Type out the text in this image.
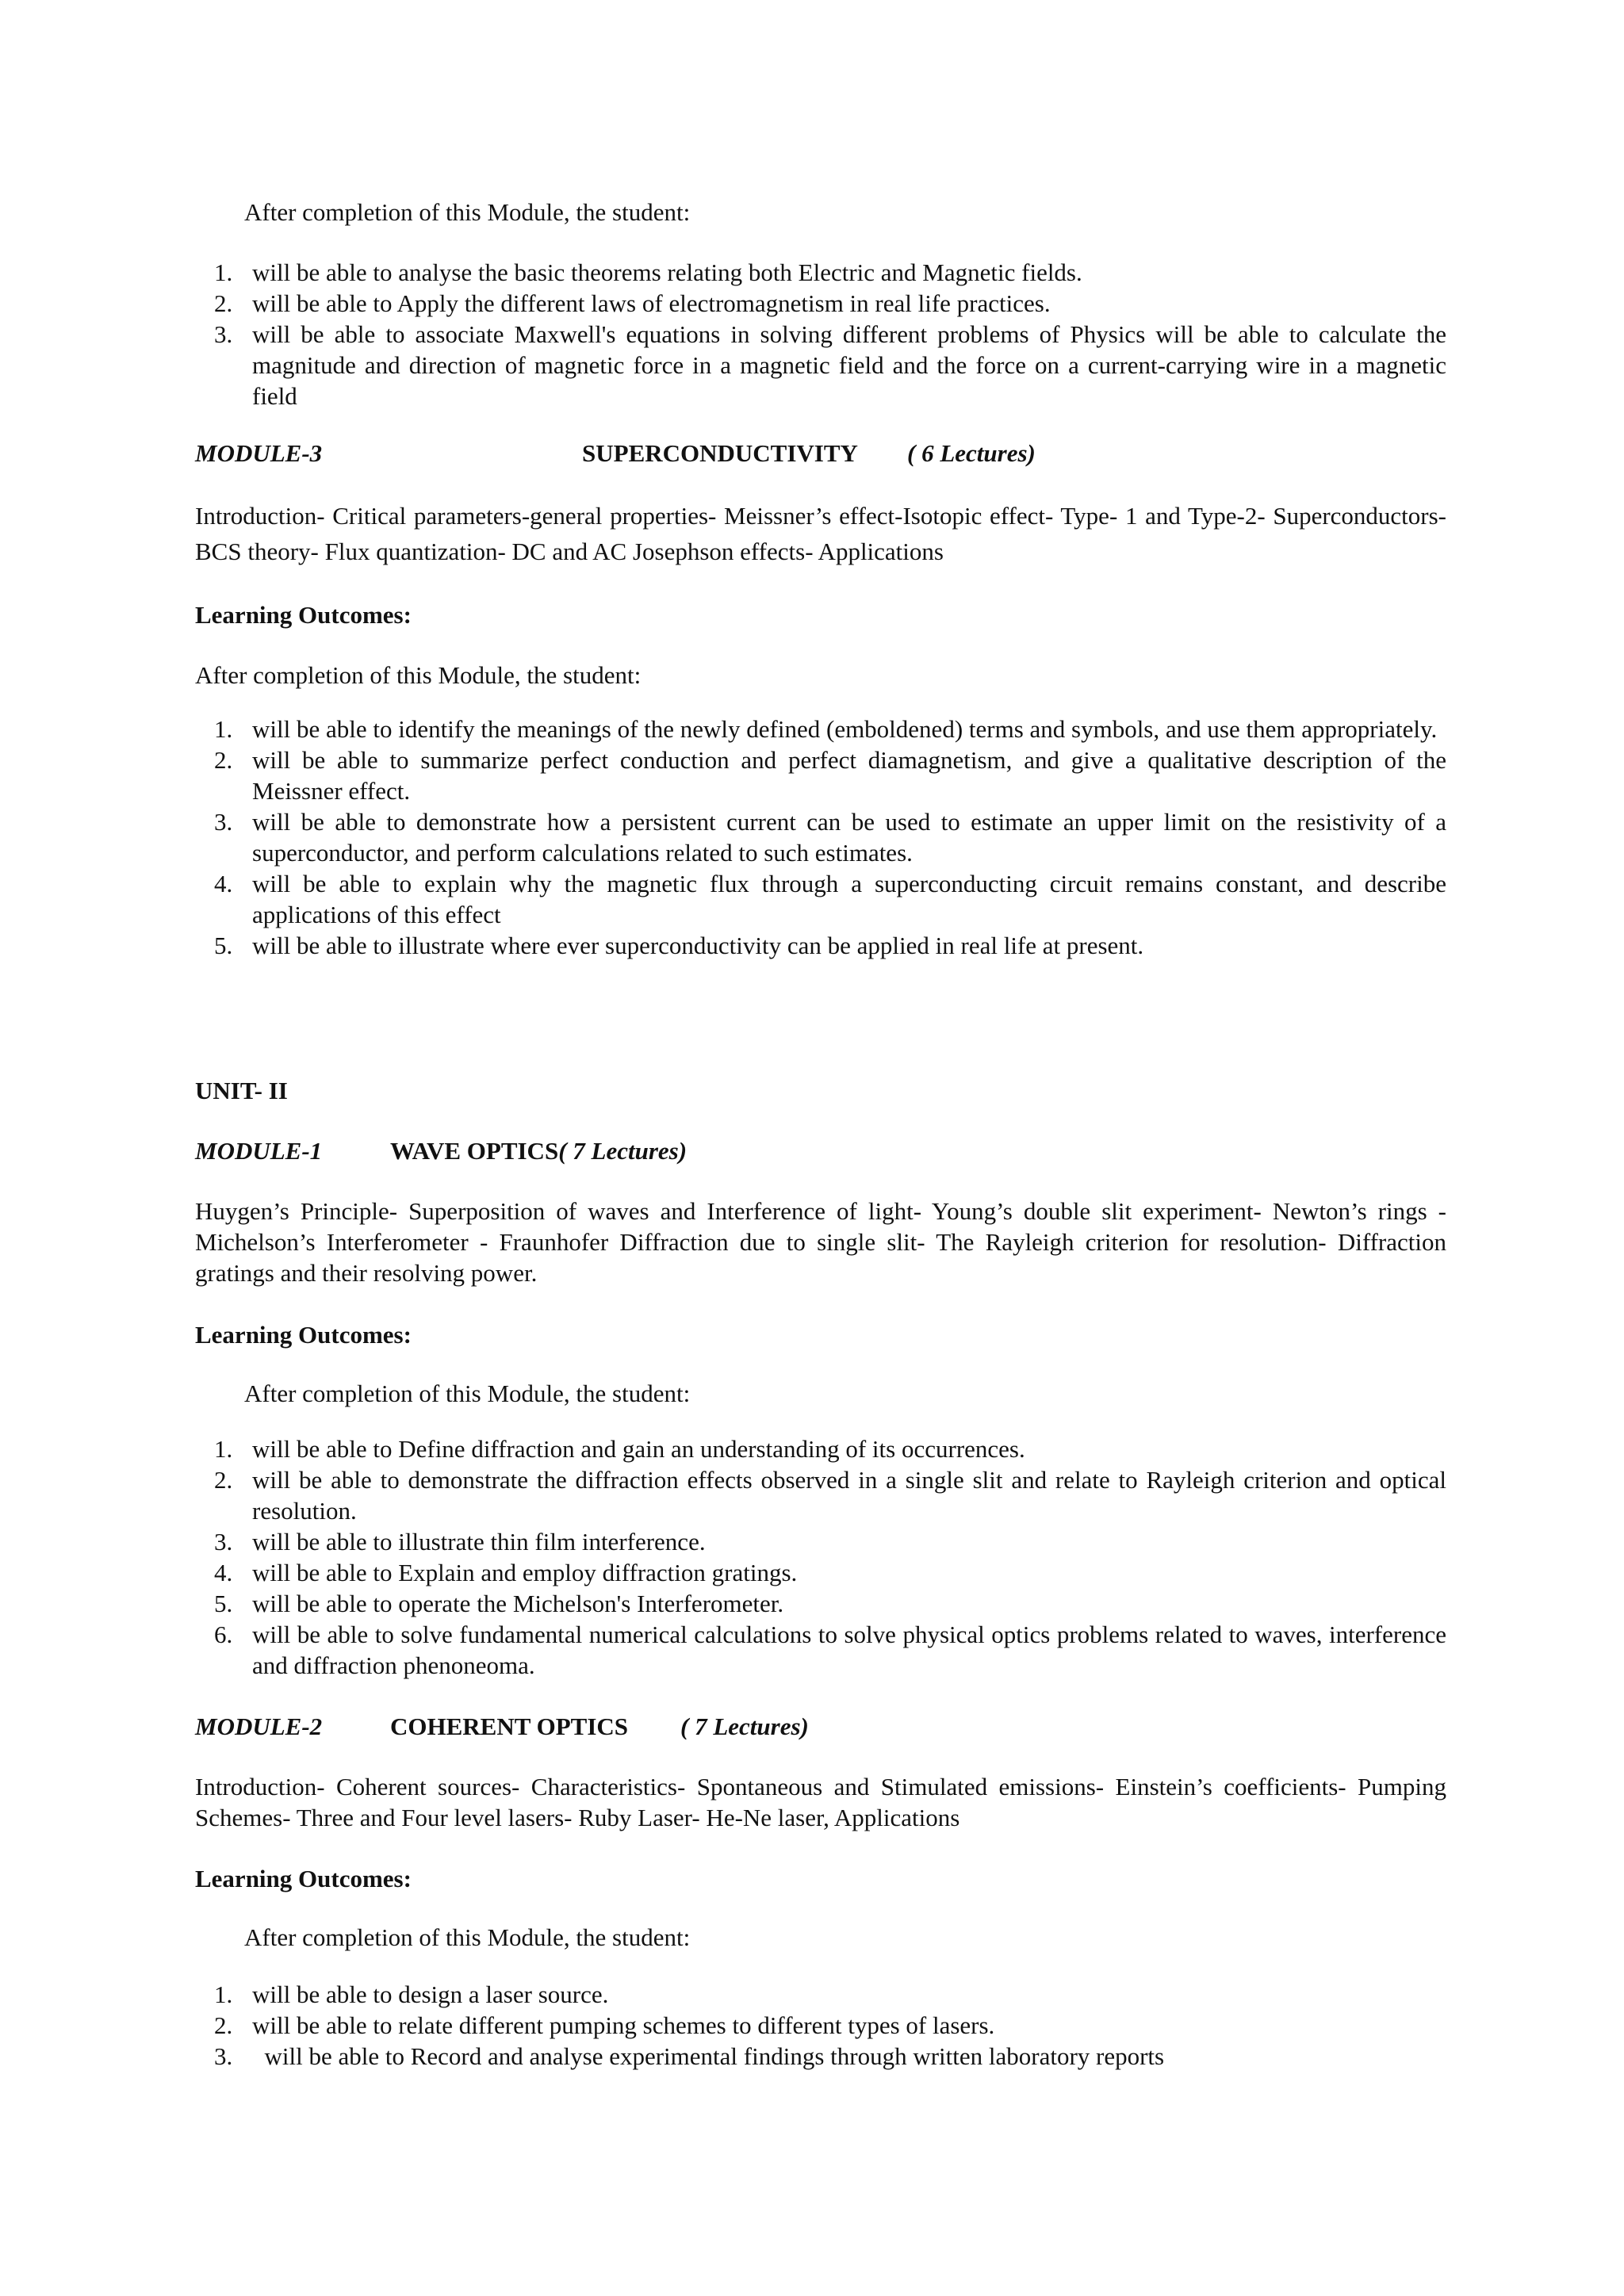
After completion of this Module, the student:
1. will be able to analyse the basic theorems relating both Electric and Magnetic fields.
2. will be able to Apply the different laws of electromagnetism in real life practices.
3. will be able to associate Maxwell's equations in solving different problems of Physics will be able to calculate the magnitude and direction of magnetic force in a magnetic field and the force on a current-carrying wire in a magnetic field
MODULE-3	SUPERCONDUCTIVITY ( 6 Lectures)
Introduction- Critical parameters-general properties- Meissner’s effect-Isotopic effect- Type- 1 and Type-2- Superconductors- BCS theory- Flux quantization- DC and AC Josephson effects- Applications
Learning Outcomes:
After completion of this Module, the student:
1. will be able to identify the meanings of the newly defined (emboldened) terms and symbols, and use them appropriately.
2. will be able to summarize perfect conduction and perfect diamagnetism, and give a qualitative description of the Meissner effect.
3. will be able to demonstrate how a persistent current can be used to estimate an upper limit on the resistivity of a superconductor, and perform calculations related to such estimates.
4. will be able to explain why the magnetic flux through a superconducting circuit remains constant, and describe applications of this effect
5. will be able to illustrate where ever superconductivity can be applied in real life at present.
UNIT- II
MODULE-1	WAVE OPTICS( 7 Lectures)
Huygen’s Principle- Superposition of waves and Interference of light- Young’s double slit experiment- Newton’s rings -Michelson’s Interferometer - Fraunhofer Diffraction due to single slit- The Rayleigh criterion for resolution- Diffraction gratings and their resolving power.
Learning Outcomes:
After completion of this Module, the student:
1. will be able to Define diffraction and gain an understanding of its occurrences.
2. will be able to demonstrate the diffraction effects observed in a single slit and relate to Rayleigh criterion and optical resolution.
3. will be able to illustrate thin film interference.
4. will be able to Explain and employ diffraction gratings.
5. will be able to operate the Michelson's Interferometer.
6. will be able to solve fundamental numerical calculations to solve physical optics problems related to waves, interference and diffraction phenoneoma.
MODULE-2	COHERENT OPTICS ( 7 Lectures)
Introduction- Coherent sources- Characteristics- Spontaneous and Stimulated emissions- Einstein’s coefficients- Pumping Schemes- Three and Four level lasers- Ruby Laser- He-Ne laser, Applications
Learning Outcomes:
After completion of this Module, the student:
1. will be able to design a laser source.
2. will be able to relate different pumping schemes to different types of lasers.
3. will be able to Record and analyse experimental findings through written laboratory reports
